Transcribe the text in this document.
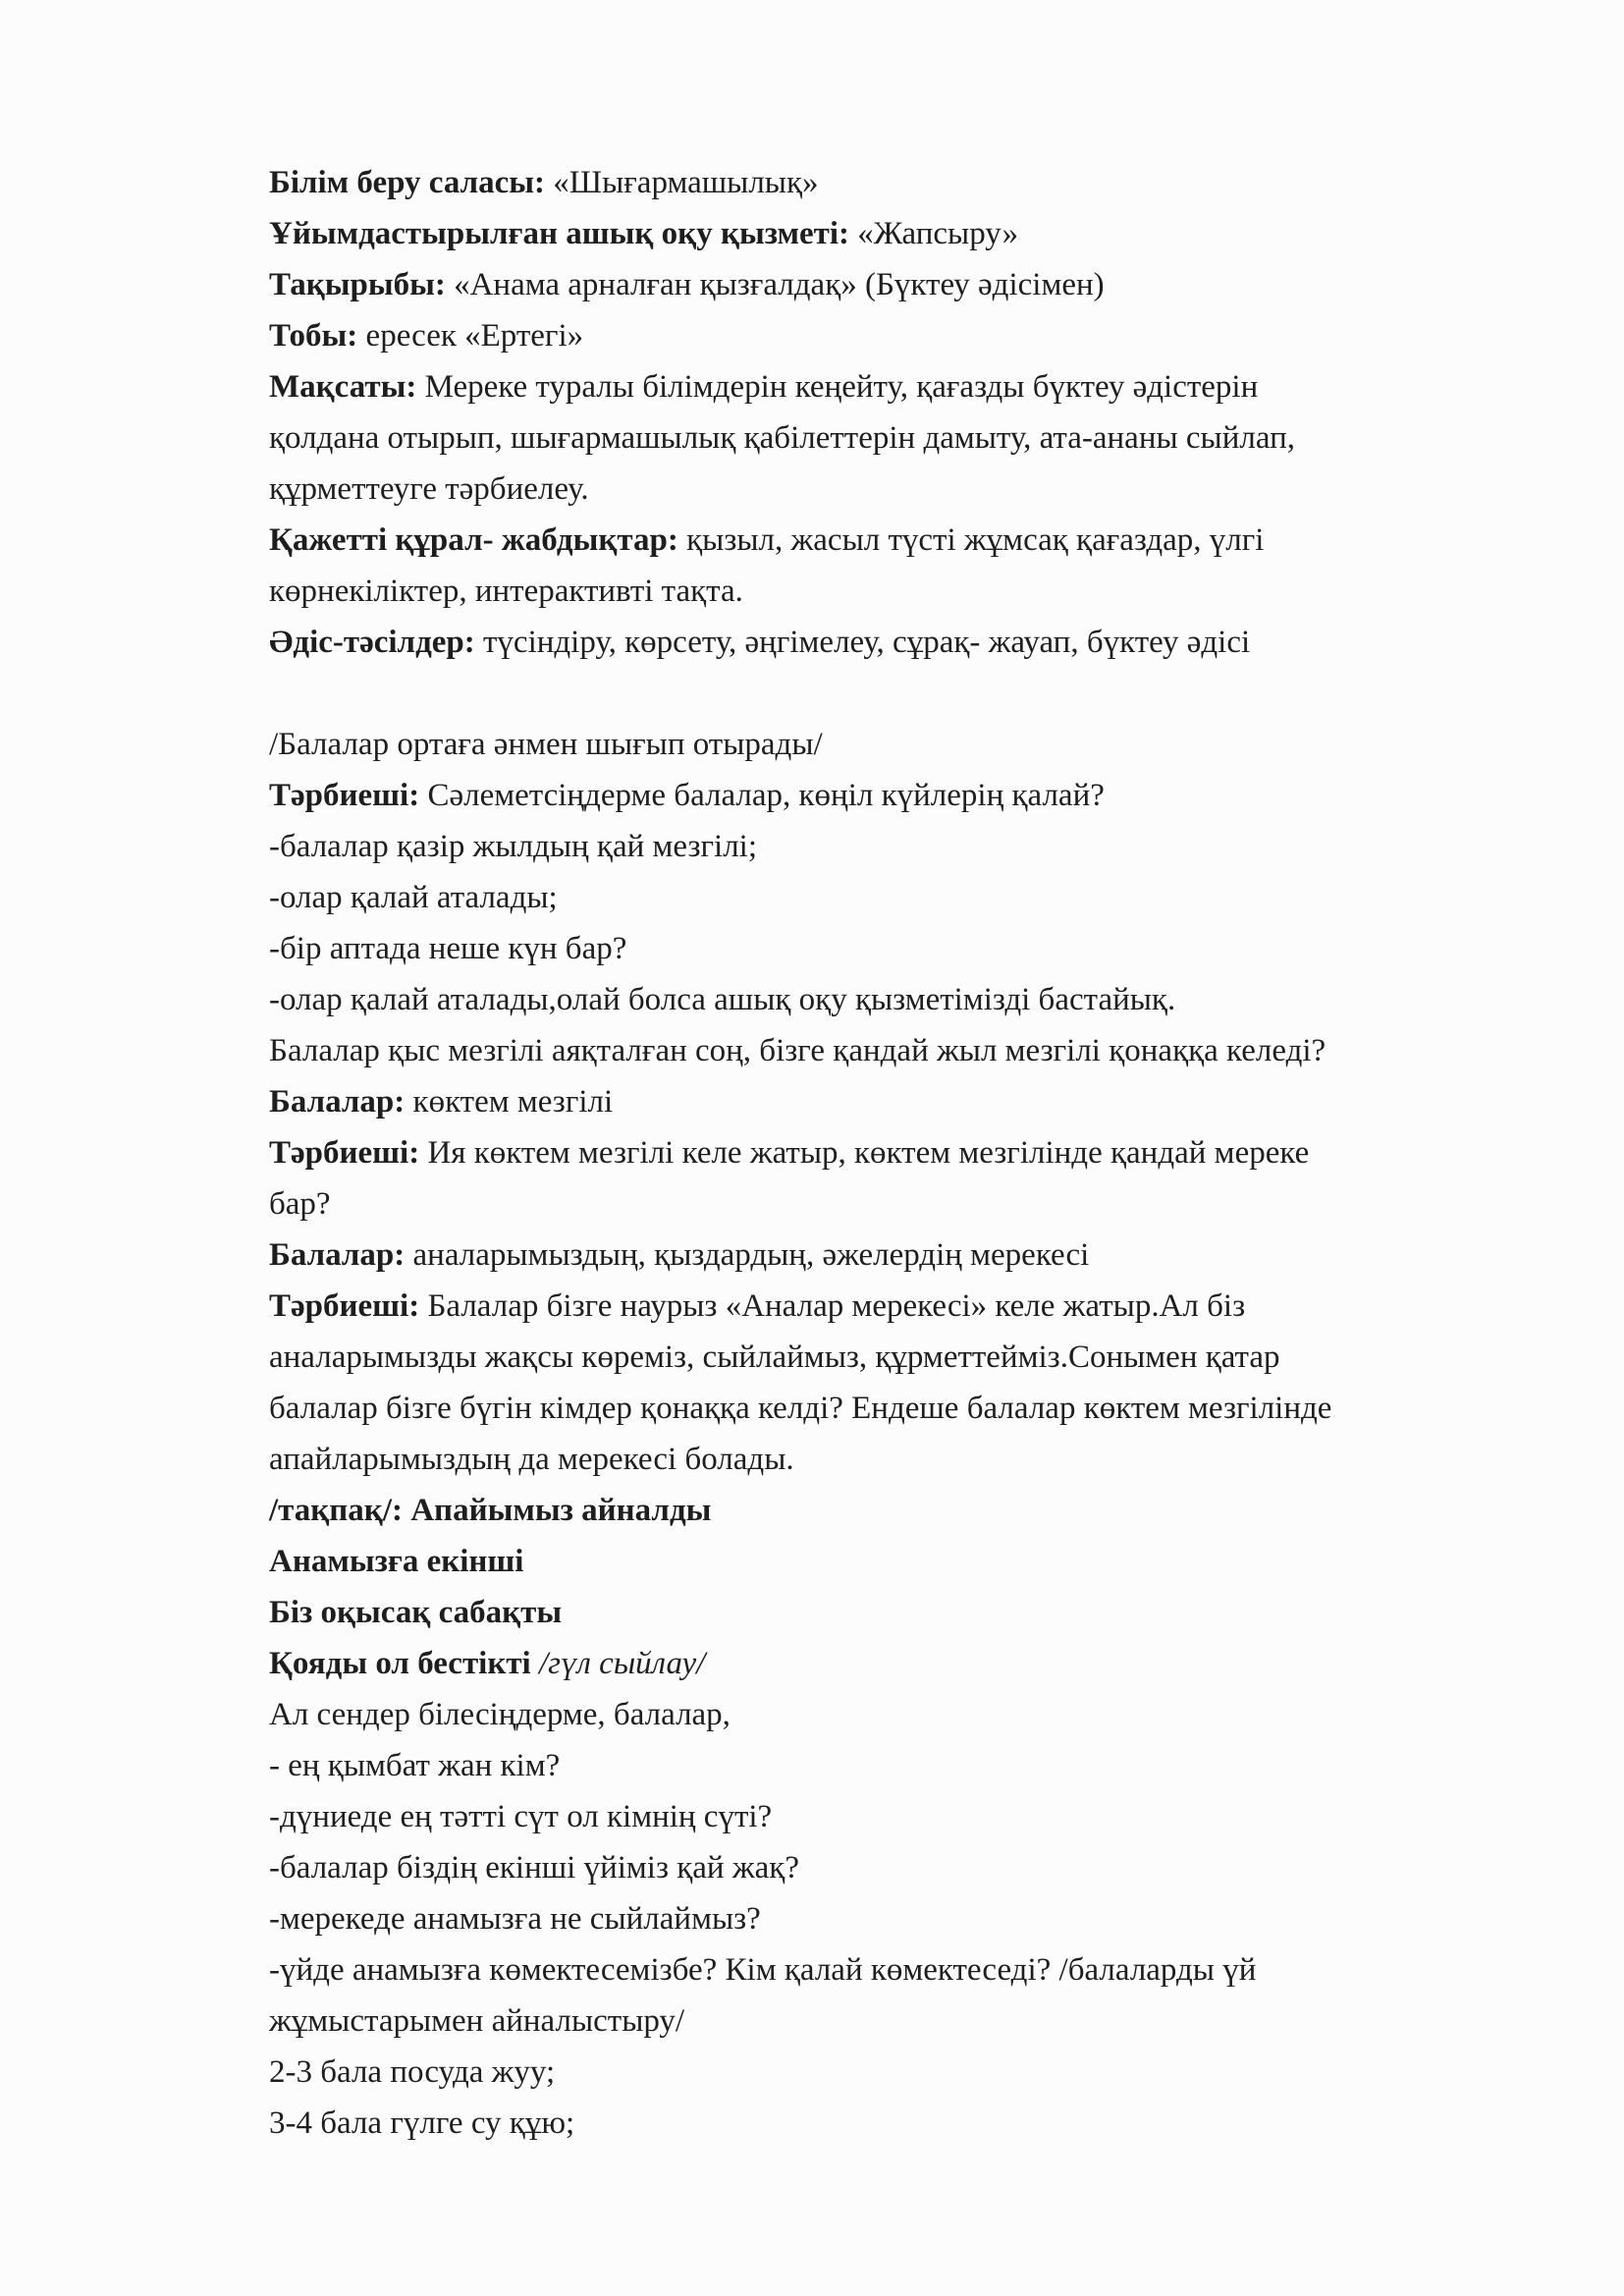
Білім беру саласы: «Шығармашылық»

Ұйымдастырылған ашық оқу қызметі: «Жапсыру»

Тақырыбы: «Анама арналған қызғалдақ» (Бүктеу әдісімен)

Тобы: ересек «Ертегі»

Мақсаты: Мереке туралы білімдерін кеңейту, қағазды бүктеу әдістерін

қолдана отырып, шығармашылық қабілеттерін дамыту, ата-ананы сыйлап,

құрметтеуге тәрбиелеу.

Қажетті құрал- жабдықтар: қызыл, жасыл түсті жұмсақ қағаздар, үлгі

көрнекіліктер, интерактивті тақта.

Әдіс-тәсілдер: түсіндіру, көрсету, әңгімелеу, сұрақ- жауап, бүктеу әдісі

/Балалар ортаға әнмен шығып отырады/

Тәрбиеші: Сәлеметсіңдерме балалар, көңіл күйлерің қалай?

-балалар қазір жылдың қай мезгілі;

-олар қалай аталады;

-бір аптада неше күн бар?

-олар қалай аталады,олай болса ашық оқу қызметімізді бастайық.

Балалар қыс мезгілі аяқталған соң, бізге қандай жыл мезгілі қонаққа келеді?

Балалар: көктем мезгілі

Тәрбиеші: Ия көктем мезгілі келе жатыр, көктем мезгілінде қандай мереке

бар?

Балалар: аналарымыздың, қыздардың, әжелердің мерекесі

Тәрбиеші: Балалар бізге наурыз «Аналар мерекесі» келе жатыр.Ал біз

аналарымызды жақсы көреміз, сыйлаймыз, құрметтейміз.Сонымен қатар

балалар бізге бүгін кімдер қонаққа келді? Ендеше балалар көктем мезгілінде

апайларымыздың да мерекесі болады.

/тақпақ/: Апайымыз айналды

Анамызға екінші

Біз оқысақ сабақты

Қояды ол бестікті /гүл сыйлау/

Ал сендер білесіңдерме, балалар,

- ең қымбат жан кім?

-дүниеде ең тәтті сүт ол кімнің сүті?

-балалар біздің екінші үйіміз қай жақ?

-мерекеде анамызға не сыйлаймыз?

-үйде анамызға көмектесемізбе? Кім қалай көмектеседі? /балаларды үй

жұмыстарымен айналыстыру/

2-3 бала посуда жуу;

3-4 бала гүлге су құю;
